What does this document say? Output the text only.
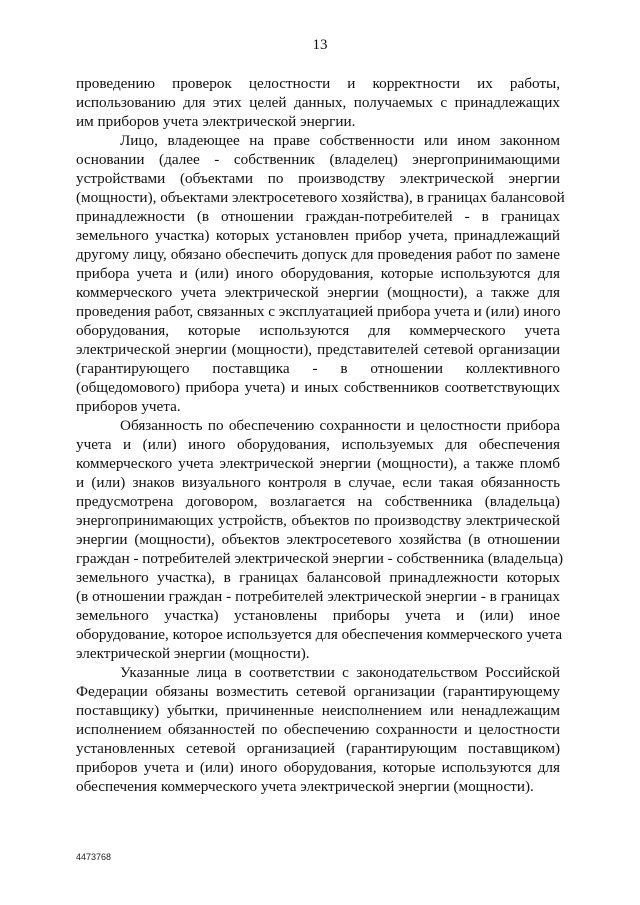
13
проведению проверок целостности и корректности их работы,
использованию для этих целей данных, получаемых с принадлежащих
им приборов учета электрической энергии.
Лицо, владеющее на праве собственности или ином законном
основании (далее - собственник (владелец) энергопринимающими
устройствами (объектами по производству электрической энергии
(мощности), объектами электросетевого хозяйства), в границах балансовой
принадлежности (в отношении граждан-потребителей - в границах
земельного участка) которых установлен прибор учета, принадлежащий
другому лицу, обязано обеспечить допуск для проведения работ по замене
прибора учета и (или) иного оборудования, которые используются для
коммерческого учета электрической энергии (мощности), а также для
проведения работ, связанных с эксплуатацией прибора учета и (или) иного
оборудования, которые используются для коммерческого учета
электрической энергии (мощности), представителей сетевой организации
(гарантирующего поставщика - в отношении коллективного
(общедомового) прибора учета) и иных собственников соответствующих
приборов учета.
Обязанность по обеспечению сохранности и целостности прибора
учета и (или) иного оборудования, используемых для обеспечения
коммерческого учета электрической энергии (мощности), а также пломб
и (или) знаков визуального контроля в случае, если такая обязанность
предусмотрена договором, возлагается на собственника (владельца)
энергопринимающих устройств, объектов по производству электрической
энергии (мощности), объектов электросетевого хозяйства (в отношении
граждан - потребителей электрической энергии - собственника (владельца)
земельного участка), в границах балансовой принадлежности которых
(в отношении граждан - потребителей электрической энергии - в границах
земельного участка) установлены приборы учета и (или) иное
оборудование, которое используется для обеспечения коммерческого учета
электрической энергии (мощности).
Указанные лица в соответствии с законодательством Российской
Федерации обязаны возместить сетевой организации (гарантирующему
поставщику) убытки, причиненные неисполнением или ненадлежащим
исполнением обязанностей по обеспечению сохранности и целостности
установленных сетевой организацией (гарантирующим поставщиком)
приборов учета и (или) иного оборудования, которые используются для
обеспечения коммерческого учета электрической энергии (мощности).
4473768
